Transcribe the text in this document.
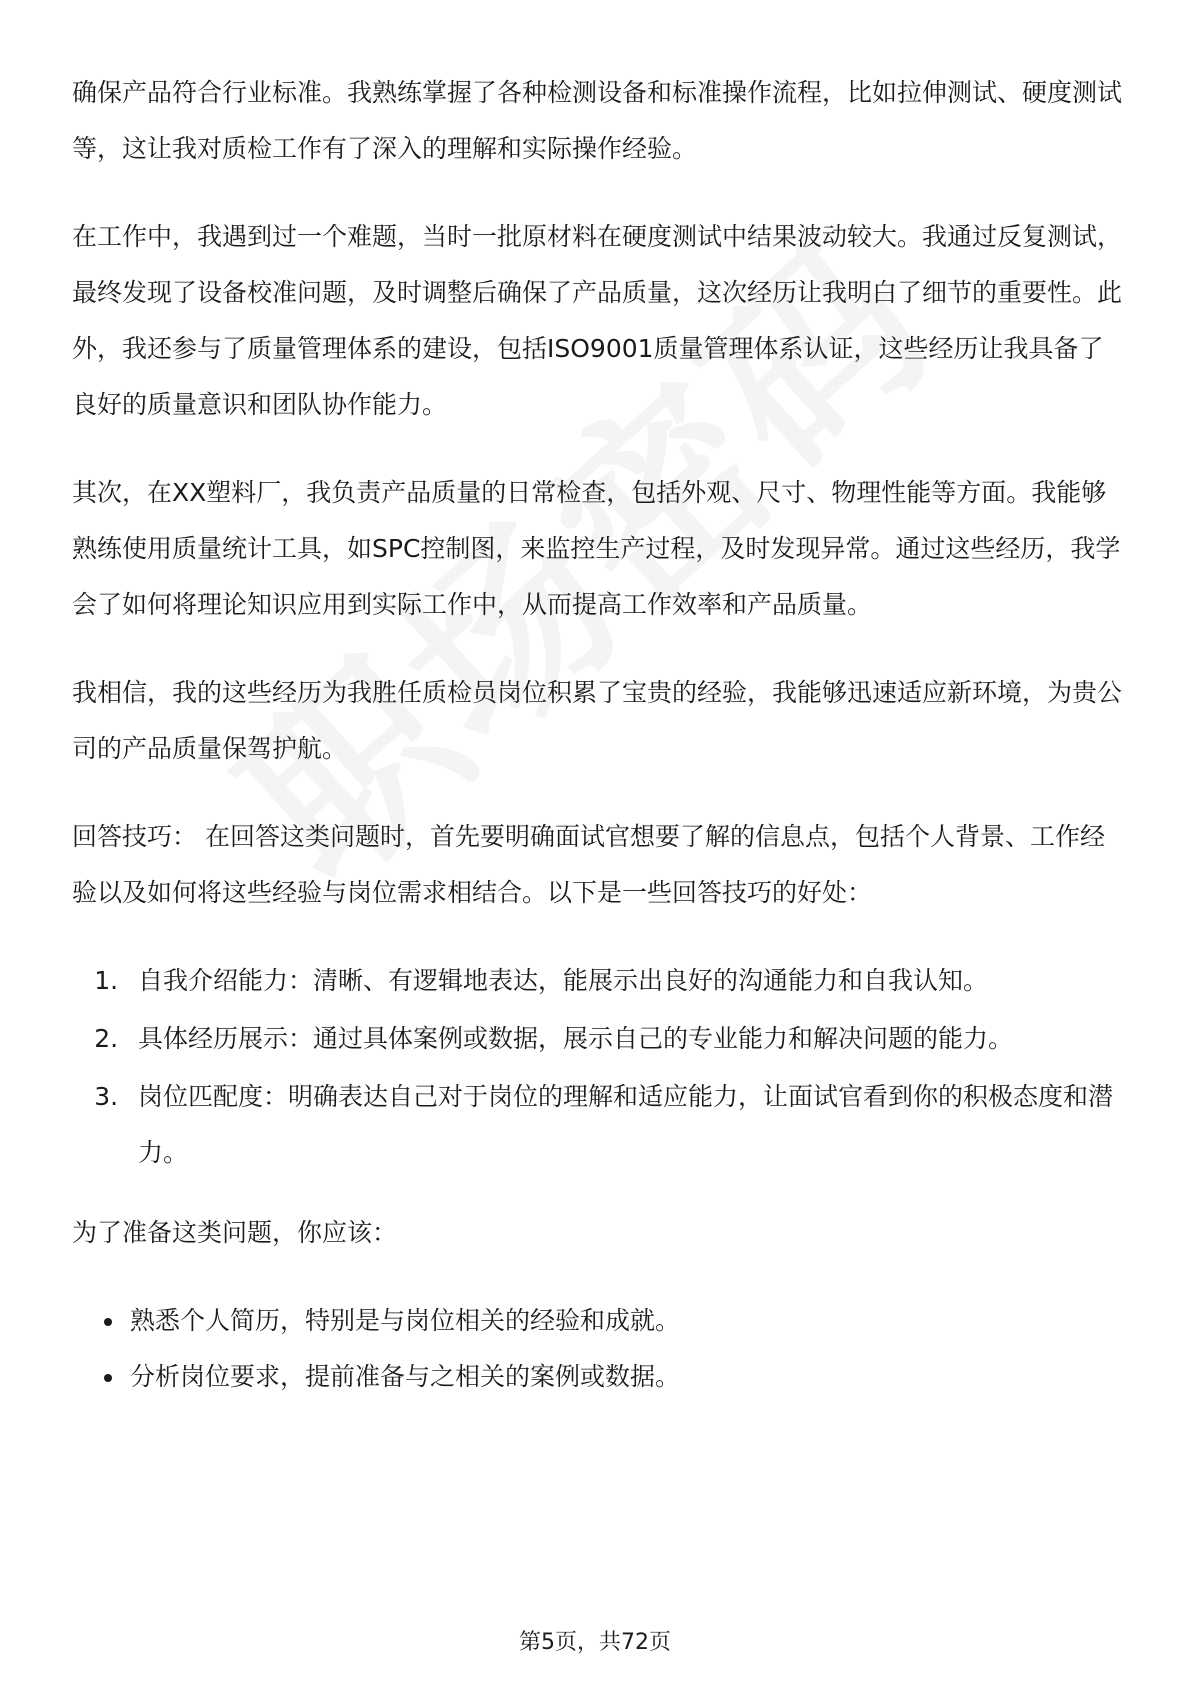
确保产品符合行业标准。我熟练掌握了各种检测设备和标准操作流程，比如拉伸测试、硬度测试等，这让我对质检工作有了深入的理解和实际操作经验。

在工作中，我遇到过一个难题，当时一批原材料在硬度测试中结果波动较大。我通过反复测试，最终发现了设备校准问题，及时调整后确保了产品质量，这次经历让我明白了细节的重要性。此外，我还参与了质量管理体系的建设，包括ISO9001质量管理体系认证，这些经历让我具备了良好的质量意识和团队协作能力。

其次，在XX塑料厂，我负责产品质量的日常检查，包括外观、尺寸、物理性能等方面。我能够熟练使用质量统计工具，如SPC控制图，来监控生产过程，及时发现异常。通过这些经历，我学会了如何将理论知识应用到实际工作中，从而提高工作效率和产品质量。

我相信，我的这些经历为我胜任质检员岗位积累了宝贵的经验，我能够迅速适应新环境，为贵公司的产品质量保驾护航。

回答技巧： 在回答这类问题时，首先要明确面试官想要了解的信息点，包括个人背景、工作经验以及如何将这些经验与岗位需求相结合。以下是一些回答技巧的好处：

1. 自我介绍能力：清晰、有逻辑地表达，能展示出良好的沟通能力和自我认知。
2. 具体经历展示：通过具体案例或数据，展示自己的专业能力和解决问题的能力。
3. 岗位匹配度：明确表达自己对于岗位的理解和适应能力，让面试官看到你的积极态度和潜力。

为了准备这类问题，你应该：

• 熟悉个人简历，特别是与岗位相关的经验和成就。
• 分析岗位要求，提前准备与之相关的案例或数据。
第5页，共72页
